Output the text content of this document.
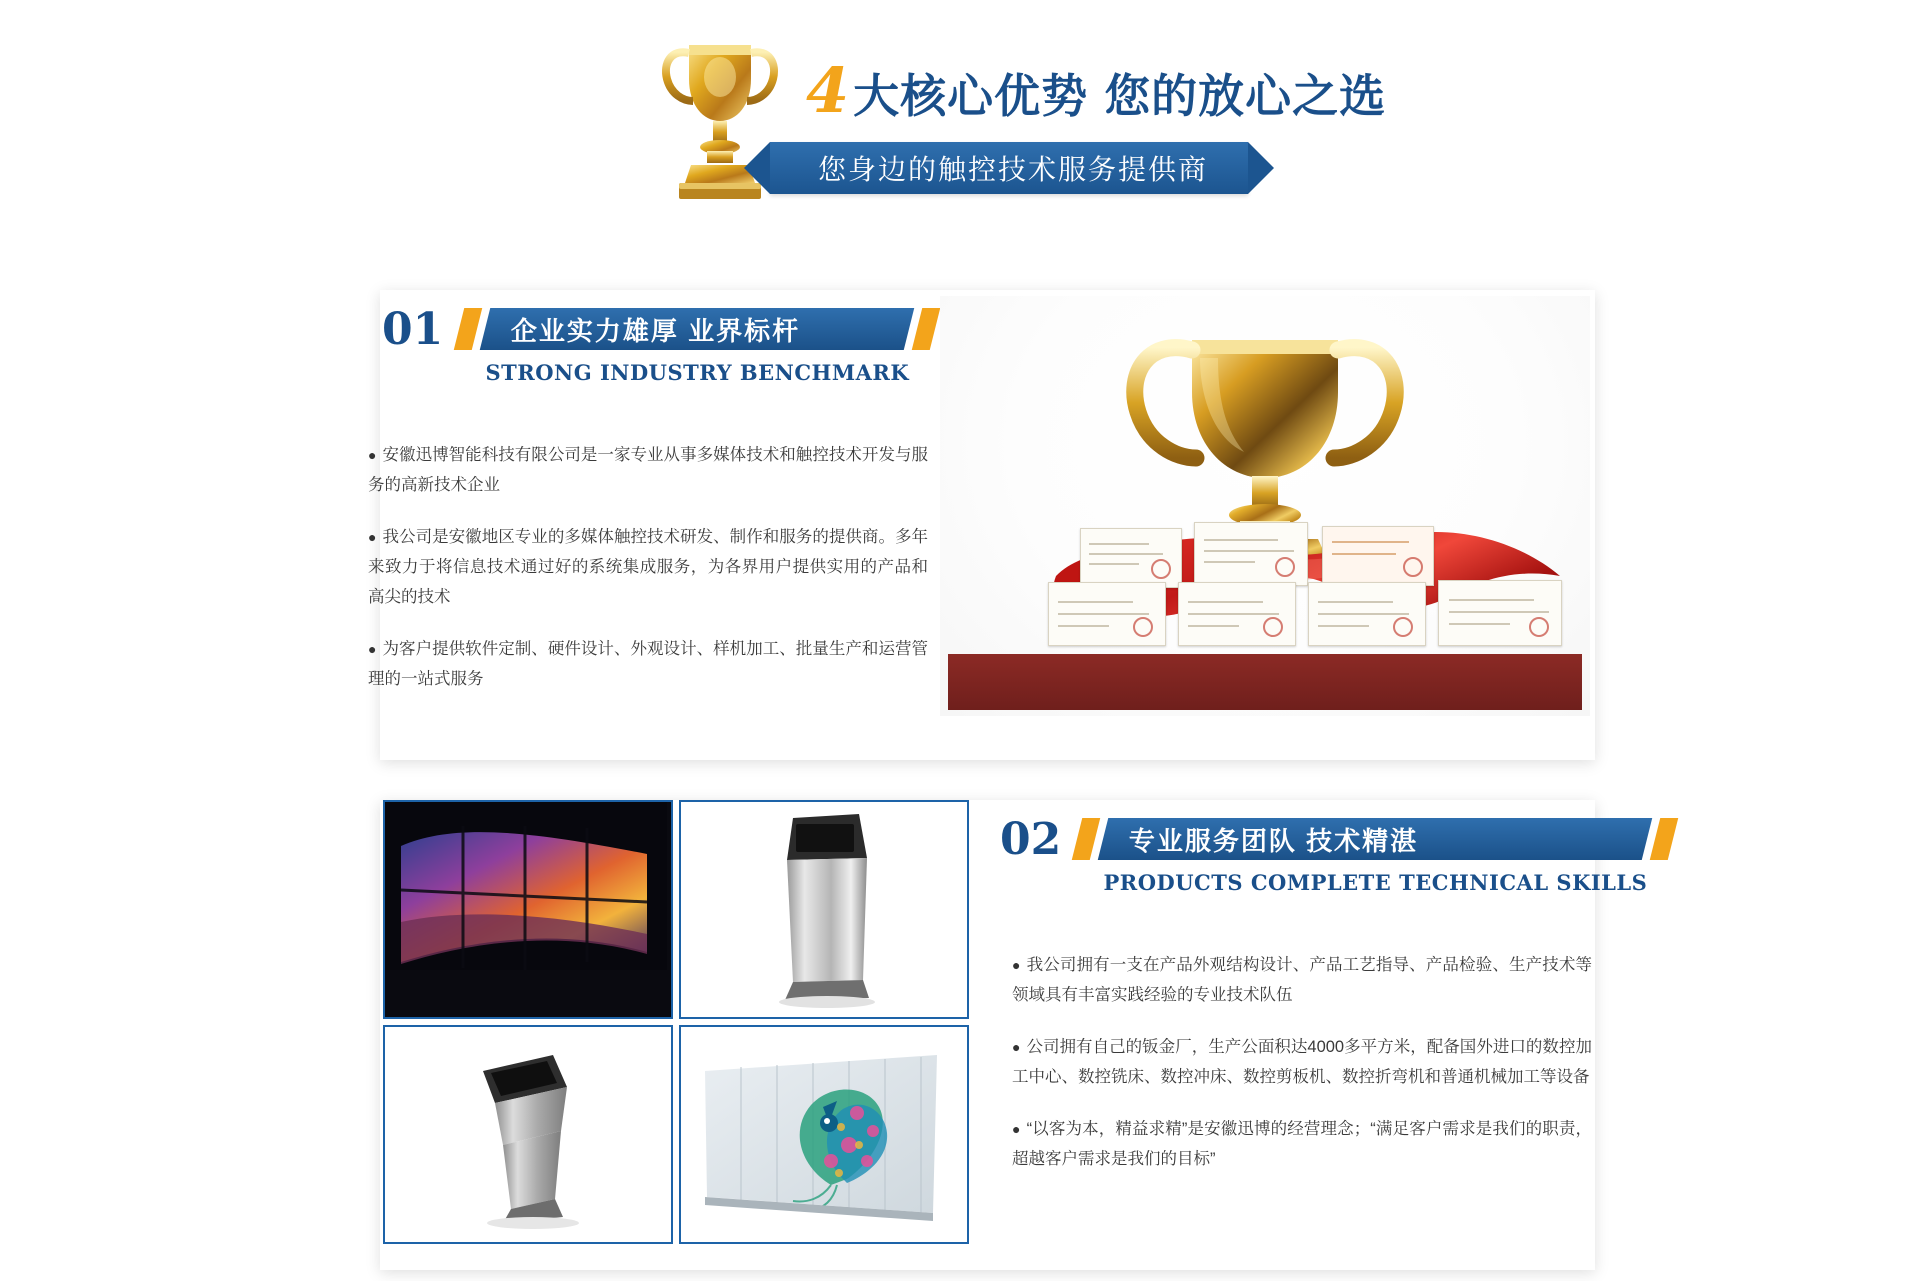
4 大核心优势 您的放心之选
您身边的触控技术服务提供商
01	企业实力雄厚 业界标杆
STRONG INDUSTRY BENCHMARK
● 安徽迅博智能科技有限公司是一家专业从事多媒体技术和触控技术开发与服务的高新技术企业
● 我公司是安徽地区专业的多媒体触控技术研发、制作和服务的提供商。多年来致力于将信息技术通过好的系统集成服务，为各界用户提供实用的产品和高尖的技术
● 为客户提供软件定制、硬件设计、外观设计、样机加工、批量生产和运营管理的一站式服务
02	专业服务团队 技术精湛
PRODUCTS COMPLETE TECHNICAL SKILLS
● 我公司拥有一支在产品外观结构设计、产品工艺指导、产品检验、生产技术等领域具有丰富实践经验的专业技术队伍
● 公司拥有自己的钣金厂，生产公面积达4000多平方米，配备国外进口的数控加工中心、数控铣床、数控冲床、数控剪板机、数控折弯机和普通机械加工等设备
● “以客为本，精益求精”是安徽迅博的经营理念；“满足客户需求是我们的职责，超越客户需求是我们的目标”
